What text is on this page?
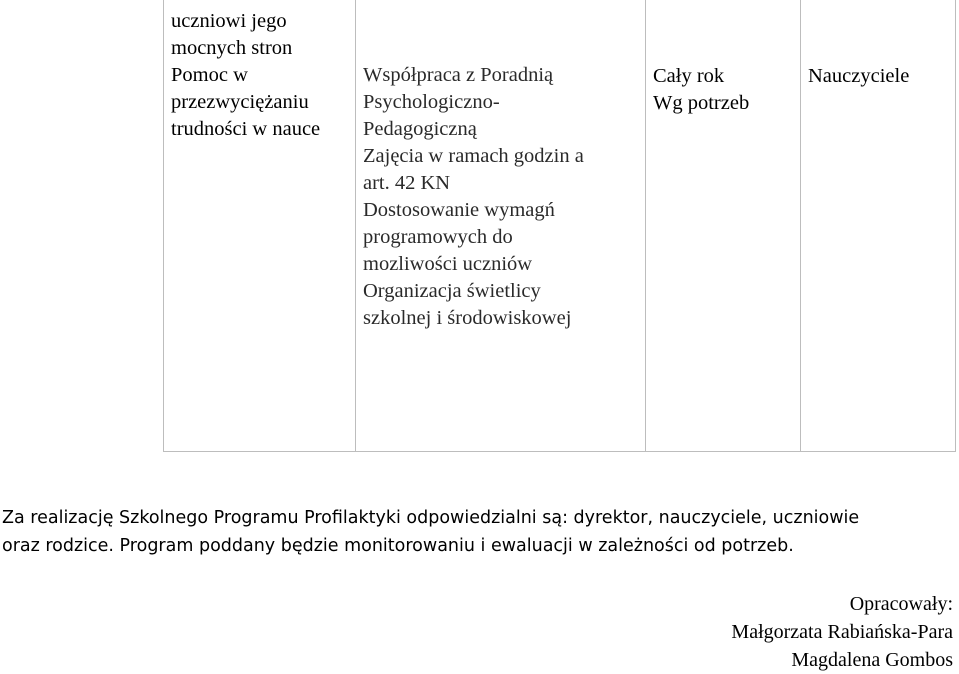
uczniowi jego
mocnych stron
Pomoc w
przezwyciężaniu
trudności w nauce
Współpraca z Poradnią
Psychologiczno-
Pedagogiczną
Zajęcia w ramach godzin a
art. 42 KN
Dostosowanie wymagń
programowych do
mozliwości uczniów
Organizacja świetlicy
szkolnej i środowiskowej
Cały rok
Wg potrzeb
Nauczyciele

Za realizację Szkolnego Programu Profilaktyki odpowiedzialni są: dyrektor, nauczyciele, uczniowie
oraz rodzice. Program poddany będzie monitorowaniu i ewaluacji w zależności od potrzeb.

Opracowały:
Małgorzata Rabiańska-Para
Magdalena Gombos
